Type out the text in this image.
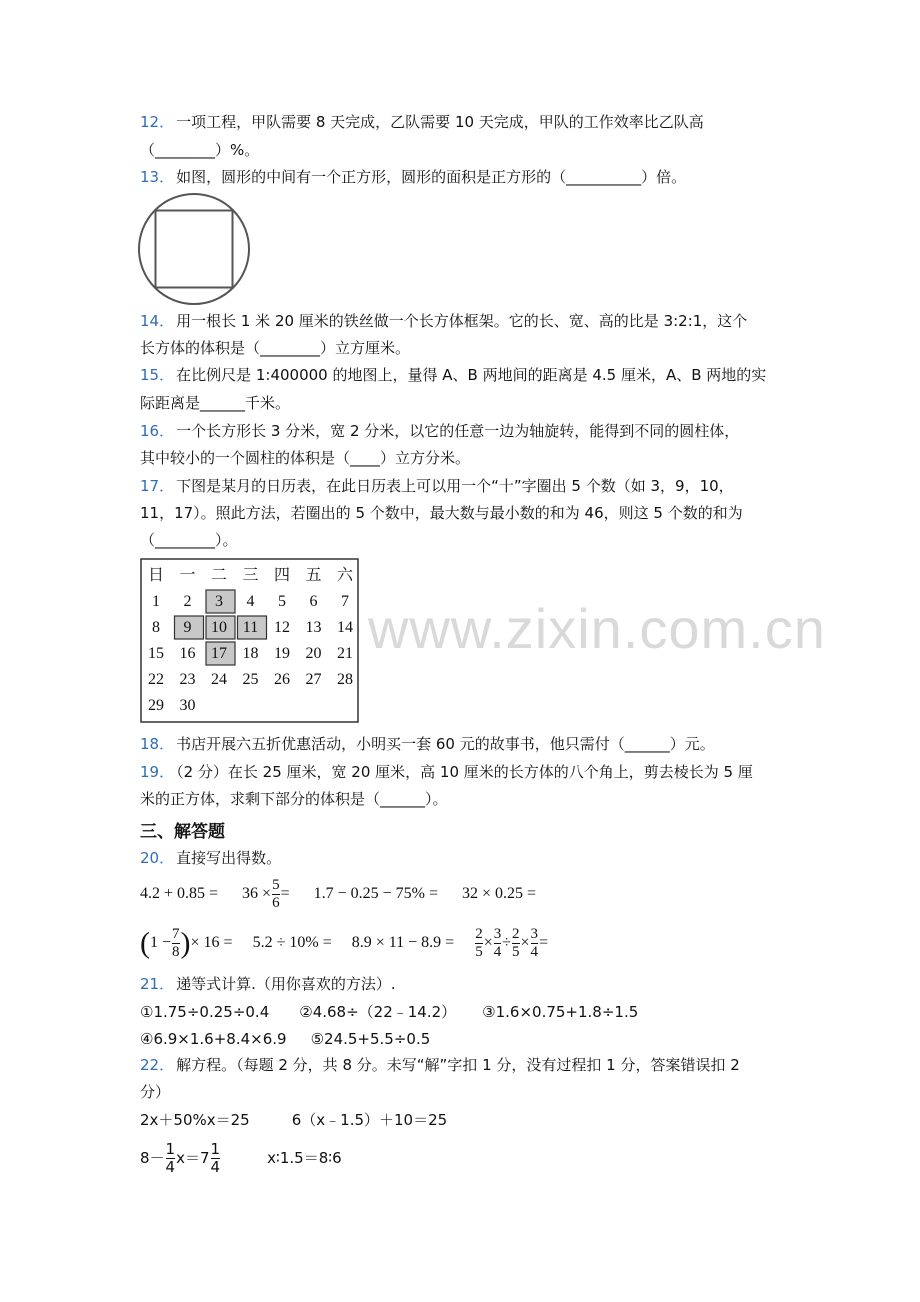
www.zixin.com.cn
12． 一项工程，甲队需要 8 天完成，乙队需要 10 天完成，甲队的工作效率比乙队高
（________）%。
13． 如图，圆形的中间有一个正方形，圆形的面积是正方形的（__________）倍。
14． 用一根长 1 米 20 厘米的铁丝做一个长方体框架。它的长、宽、高的比是 3:2:1，这个
长方体的体积是（________）立方厘米。
15． 在比例尺是 1:400000 的地图上，量得 A、B 两地间的距离是 4.5 厘米，A、B 两地的实
际距离是______千米。
16． 一个长方形长 3 分米，宽 2 分米，以它的任意一边为轴旋转，能得到不同的圆柱体，
其中较小的一个圆柱的体积是（____）立方分米。
17． 下图是某月的日历表，在此日历表上可以用一个“十”字圈出 5 个数（如 3，9，10，
11，17）。照此方法，若圈出的 5 个数中，最大数与最小数的和为 46，则这 5 个数的和为
（________）。
日 一 二 三 四 五 六
1 2 3 4 5 6 7
8 9 10 11 12 13 14
15 16 17 18 19 20 21
22 23 24 25 26 27 28
29 30
18． 书店开展六五折优惠活动，小明买一套 60 元的故事书，他只需付（______）元。
19． （2 分）在长 25 厘米，宽 20 厘米，高 10 厘米的长方体的八个角上，剪去棱长为 5 厘
米的正方体，求剩下部分的体积是（______）。
三、解答题
20． 直接写出得数。
$4.2 + 0.85 = 36 \times \frac{5}{6} = 1.7 - 0.25 - 75\% = 32 \times 0.25$ =
($1 - \frac{7}{8}$ )× $16 = 5.2 \div 10\% = 8.9 \times 11 - 8.9 = \frac{2}{5} \times \frac{3}{4} \div \frac{2}{5} \times \frac{3}{4}$ =
21． 递等式计算.（用你喜欢的方法）.
①1.75÷0.25÷0.4 ②4.68÷（22﹣14.2） ③1.6×0.75+1.8÷1.5
④6.9×1.6+8.4×6.9 ⑤24.5+5.5÷0.5
22． 解方程。（每题 2 分，共 8 分。未写“解”字扣 1 分，没有过程扣 1 分，答案错误扣 2
分）
2x＋50%x＝25	6（x﹣1.5）＋10＝25
$8- \frac{1}{4} x=7 \frac{1}{4}$	x∶1.5＝8∶6
